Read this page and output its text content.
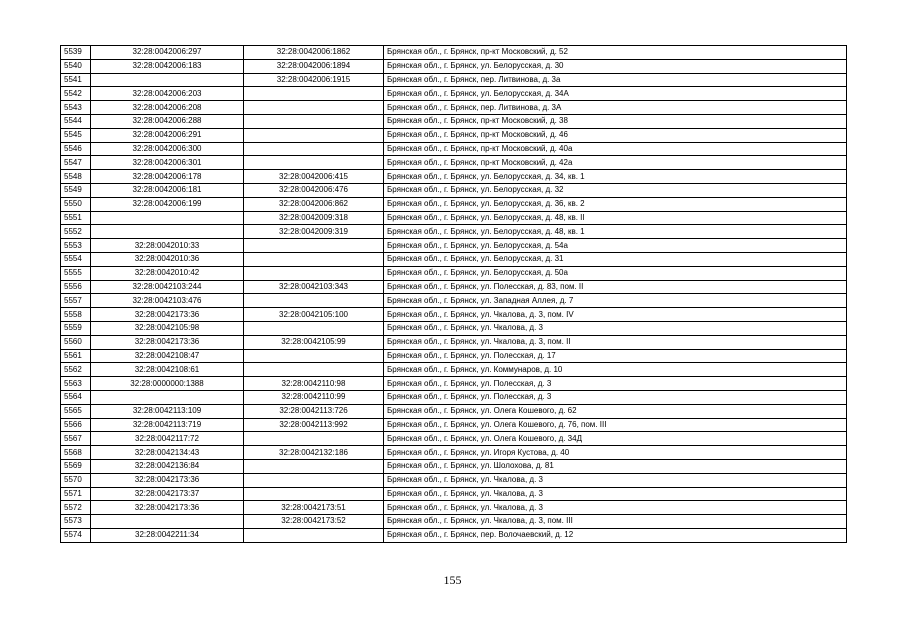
5539	32:28:0042006:297	32:28:0042006:1862	Брянская обл., г. Брянск, пр-кт Московский, д. 52
5540	32:28:0042006:183	32:28:0042006:1894	Брянская обл., г. Брянск, ул. Белорусская, д. 30
5541		32:28:0042006:1915	Брянская обл., г. Брянск, пер. Литвинова, д. 3а
5542	32:28:0042006:203		Брянская обл., г. Брянск, ул. Белорусская, д. 34А
5543	32:28:0042006:208		Брянская обл., г. Брянск, пер. Литвинова, д. 3А
5544	32:28:0042006:288		Брянская обл., г. Брянск, пр-кт Московский, д. 38
5545	32:28:0042006:291		Брянская обл., г. Брянск, пр-кт Московский, д. 46
5546	32:28:0042006:300		Брянская обл., г. Брянск, пр-кт Московский, д. 40а
5547	32:28:0042006:301		Брянская обл., г. Брянск, пр-кт Московский, д. 42а
5548	32:28:0042006:178	32:28:0042006:415	Брянская обл., г. Брянск, ул. Белорусская, д. 34, кв. 1
5549	32:28:0042006:181	32:28:0042006:476	Брянская обл., г. Брянск, ул. Белорусская, д. 32
5550	32:28:0042006:199	32:28:0042006:862	Брянская обл., г. Брянск, ул. Белорусская, д. 36, кв. 2
5551		32:28:0042009:318	Брянская обл., г. Брянск, ул. Белорусская, д. 48, кв. II
5552		32:28:0042009:319	Брянская обл., г. Брянск, ул. Белорусская, д. 48, кв. 1
5553	32:28:0042010:33		Брянская обл., г. Брянск, ул. Белорусская, д. 54а
5554	32:28:0042010:36		Брянская обл., г. Брянск, ул. Белорусская, д. 31
5555	32:28:0042010:42		Брянская обл., г. Брянск, ул. Белорусская, д. 50а
5556	32:28:0042103:244	32:28:0042103:343	Брянская обл., г. Брянск, ул. Полесская, д. 83, пом. II
5557	32:28:0042103:476		Брянская обл., г. Брянск, ул. Западная Аллея, д. 7
5558	32:28:0042173:36	32:28:0042105:100	Брянская обл., г. Брянск, ул. Чкалова, д. 3, пом. IV
5559	32:28:0042105:98		Брянская обл., г. Брянск, ул. Чкалова, д. 3
5560	32:28:0042173:36	32:28:0042105:99	Брянская обл., г. Брянск, ул. Чкалова, д. 3, пом. II
5561	32:28:0042108:47		Брянская обл., г. Брянск, ул. Полесская, д. 17
5562	32:28:0042108:61		Брянская обл., г. Брянск, ул. Коммунаров, д. 10
5563	32:28:0000000:1388	32:28:0042110:98	Брянская обл., г. Брянск, ул. Полесская, д. 3
5564		32:28:0042110:99	Брянская обл., г. Брянск, ул. Полесская, д. 3
5565	32:28:0042113:109	32:28:0042113:726	Брянская обл., г. Брянск, ул. Олега Кошевого, д. 62
5566	32:28:0042113:719	32:28:0042113:992	Брянская обл., г. Брянск, ул. Олега Кошевого, д. 76, пом. III
5567	32:28:0042117:72		Брянская обл., г. Брянск, ул. Олега Кошевого, д. 34Д
5568	32:28:0042134:43	32:28:0042132:186	Брянская обл., г. Брянск, ул. Игоря Кустова, д. 40
5569	32:28:0042136:84		Брянская обл., г. Брянск, ул. Шолохова, д. 81
5570	32:28:0042173:36		Брянская обл., г. Брянск, ул. Чкалова, д. 3
5571	32:28:0042173:37		Брянская обл., г. Брянск, ул. Чкалова, д. 3
5572	32:28:0042173:36	32:28:0042173:51	Брянская обл., г. Брянск, ул. Чкалова, д. 3
5573		32:28:0042173:52	Брянская обл., г. Брянск, ул. Чкалова, д. 3, пом. III
5574	32:28:0042211:34		Брянская обл., г. Брянск, пер. Волочаевский, д. 12
155
